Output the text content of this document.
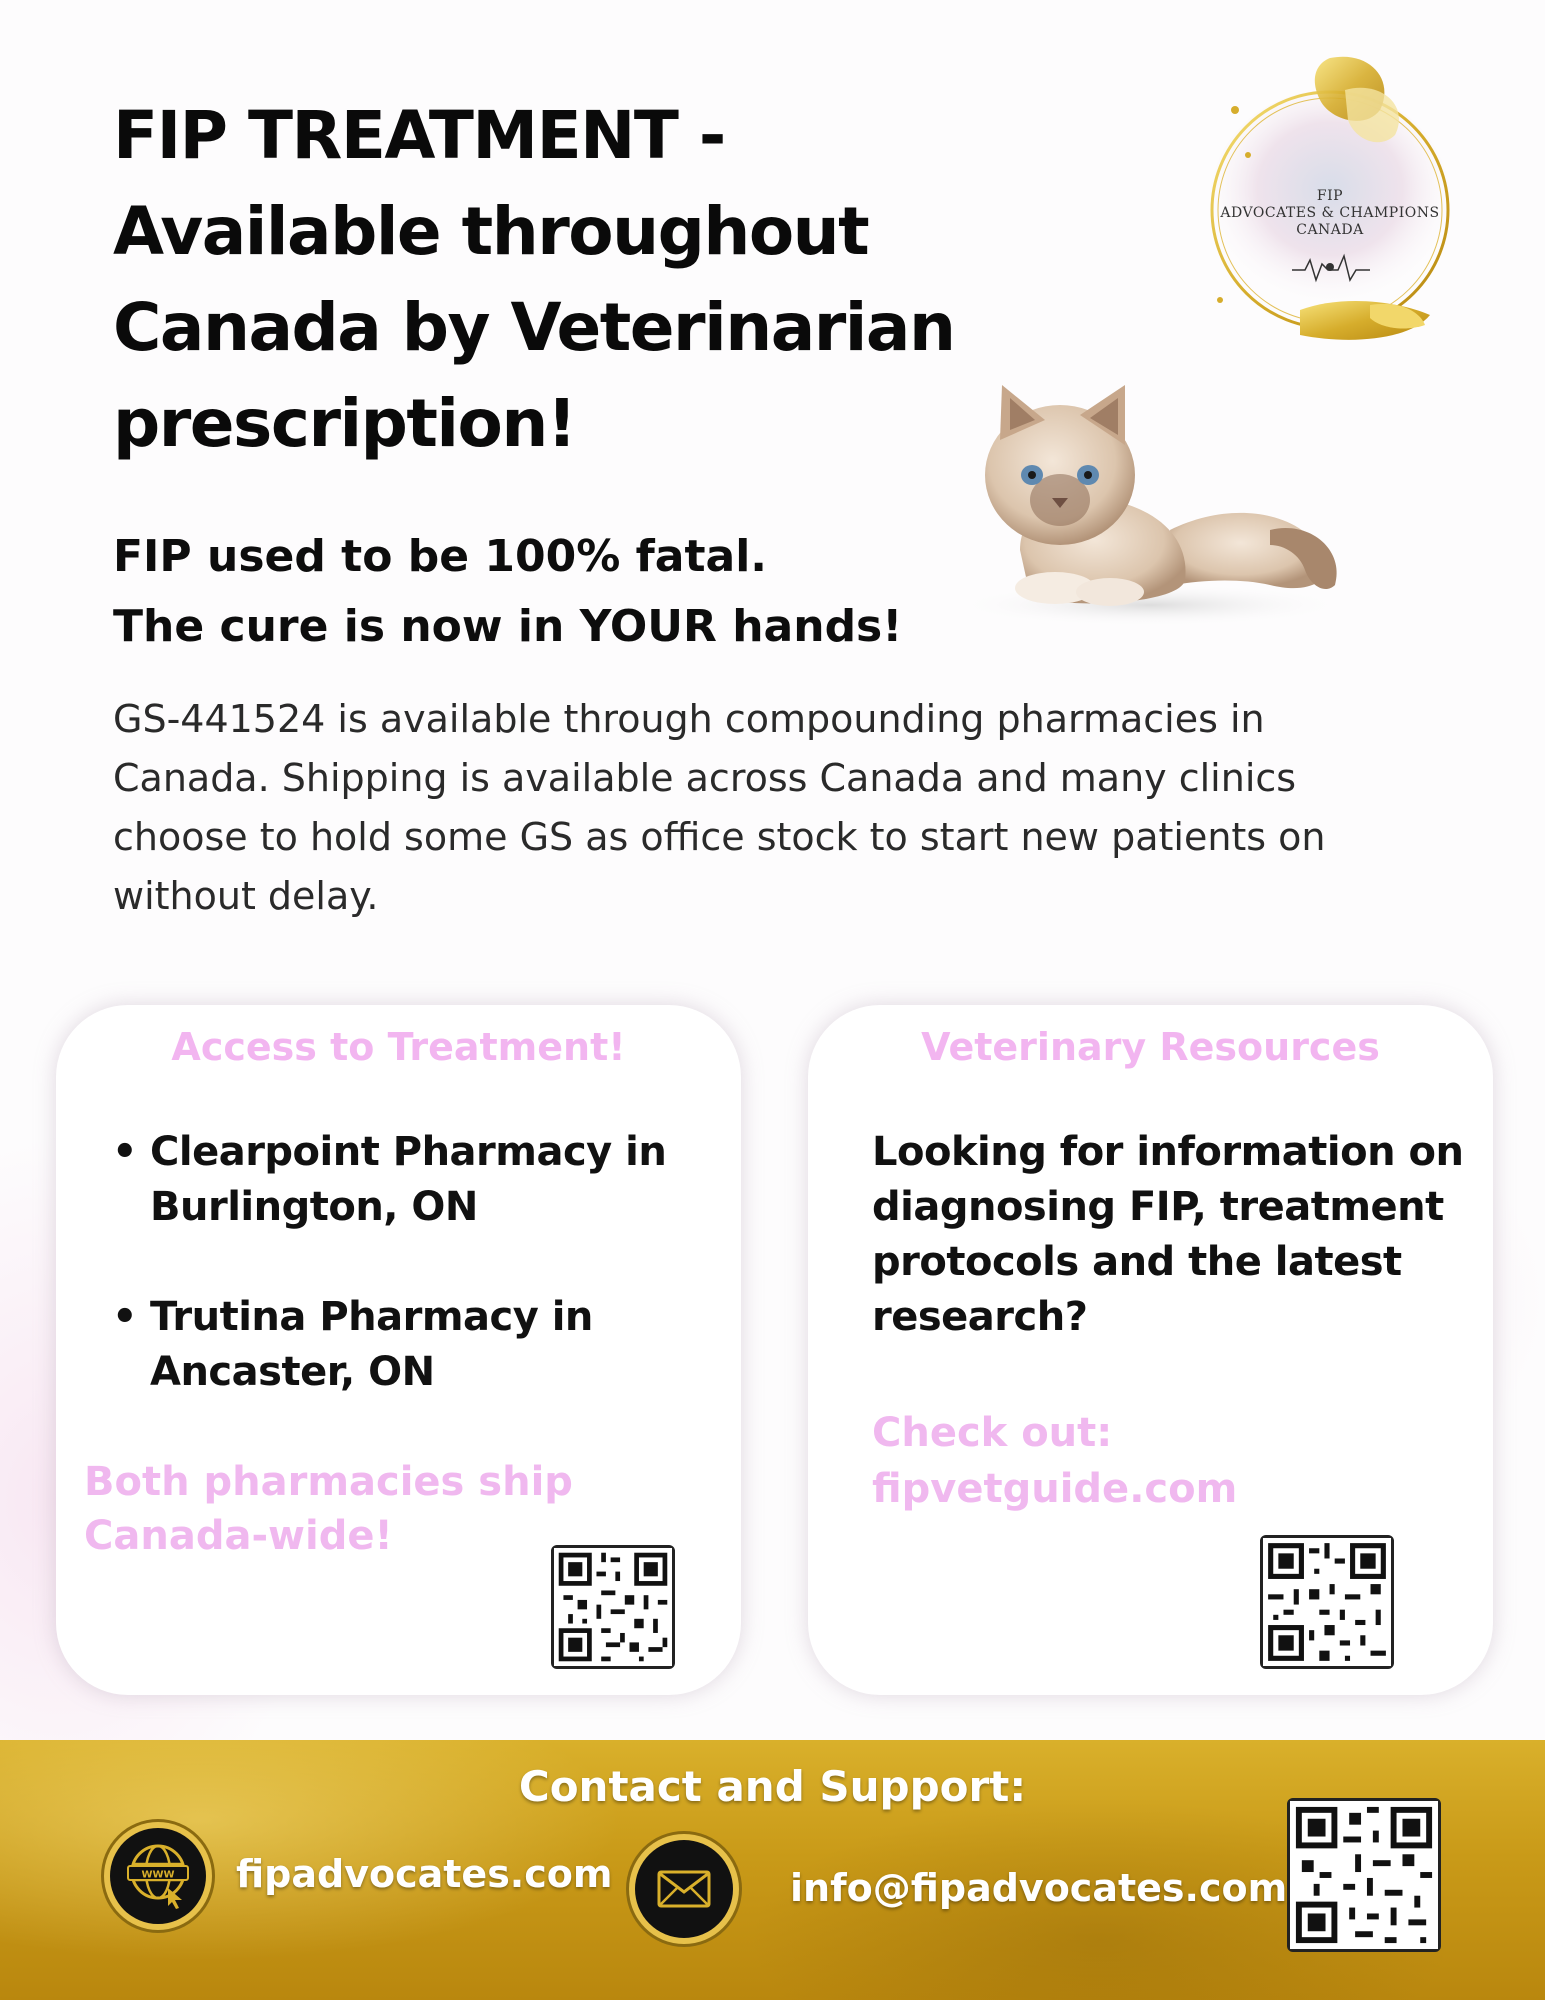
FIP TREATMENT -
Available throughout
Canada by Veterinarian
prescription!
FIP
ADVOCATES & CHAMPIONS
CANADA
FIP used to be 100% fatal.
The cure is now in YOUR hands!

GS-441524 is available through compounding pharmacies in Canada. Shipping is available across Canada and many clinics choose to hold some GS as office stock to start new patients on without delay.

Access to Treatment!
• Clearpoint Pharmacy in Burlington, ON
• Trutina Pharmacy in Ancaster, ON

Both pharmacies ship Canada-wide!

Veterinary Resources

Looking for information on diagnosing FIP, treatment protocols and the latest research?

Check out:
fipvetguide.com

Contact and Support:
WWW fipadvocates.com	info@fipadvocates.com
